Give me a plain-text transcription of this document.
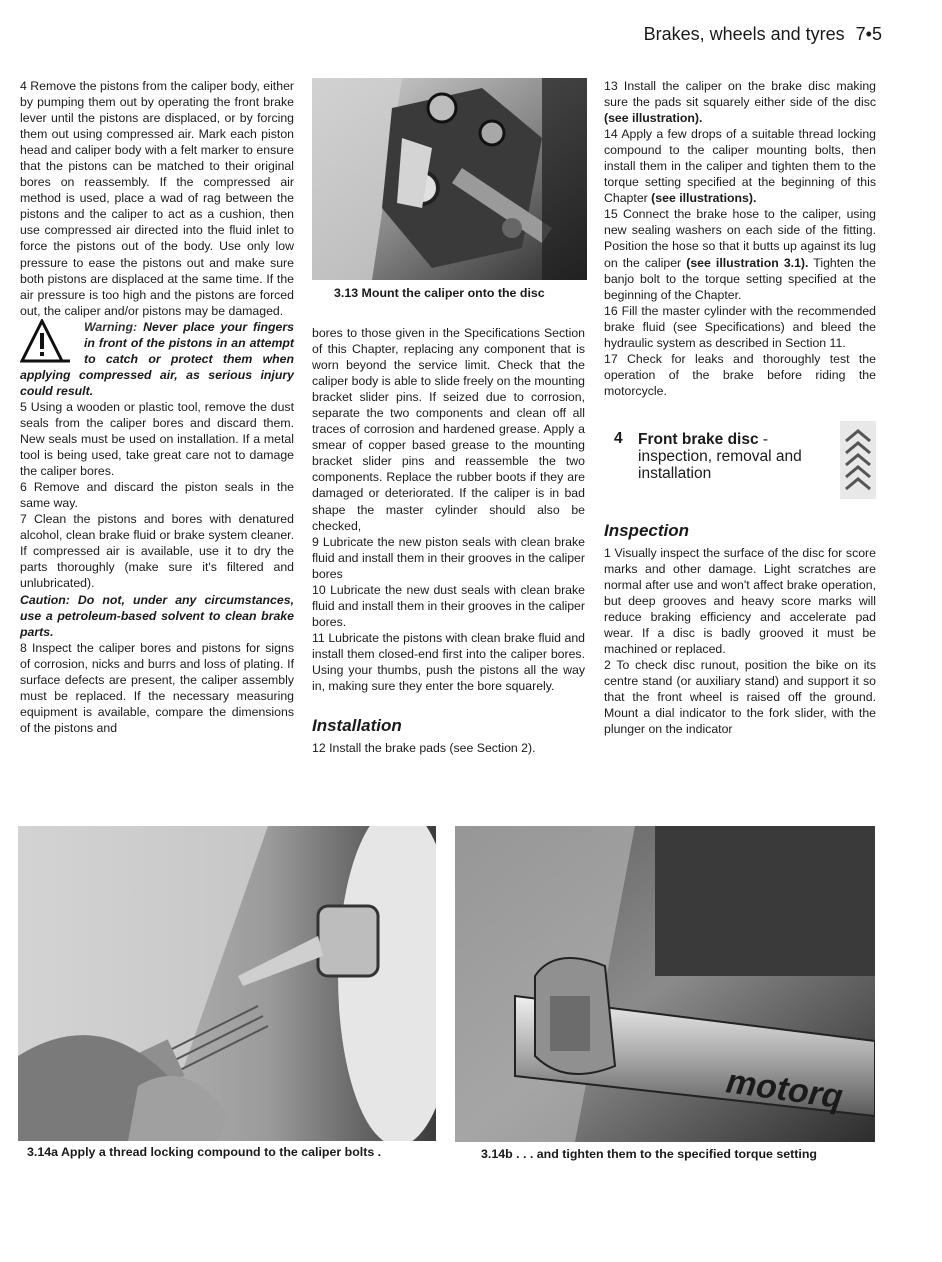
Brakes, wheels and tyres 7•5

4 Remove the pistons from the caliper body, either by pumping them out by operating the front brake lever until the pistons are displaced, or by forcing them out using compressed air. Mark each piston head and caliper body with a felt marker to ensure that the pistons can be matched to their original bores on reassembly. If the compressed air method is used, place a wad of rag between the pistons and the caliper to act as a cushion, then use compressed air directed into the fluid inlet to force the pistons out of the body. Use only low pressure to ease the pistons out and make sure both pistons are displaced at the same time. If the air pressure is too high and the pistons are forced out, the caliper and/or pistons may be damaged.

Warning: Never place your fingers in front of the pistons in an attempt to catch or protect them when applying compressed air, as serious injury could result.

5 Using a wooden or plastic tool, remove the dust seals from the caliper bores and discard them. New seals must be used on installation. If a metal tool is being used, take great care not to damage the caliper bores.

6 Remove and discard the piston seals in the same way.

7 Clean the pistons and bores with denatured alcohol, clean brake fluid or brake system cleaner. If compressed air is available, use it to dry the parts thoroughly (make sure it's filtered and unlubricated).

Caution: Do not, under any circumstances, use a petroleum-based solvent to clean brake parts.

8 Inspect the caliper bores and pistons for signs of corrosion, nicks and burrs and loss of plating. If surface defects are present, the caliper assembly must be replaced. If the necessary measuring equipment is available, compare the dimensions of the pistons and

3.13 Mount the caliper onto the disc

bores to those given in the Specifications Section of this Chapter, replacing any component that is worn beyond the service limit. Check that the caliper body is able to slide freely on the mounting bracket slider pins. If seized due to corrosion, separate the two components and clean off all traces of corrosion and hardened grease. Apply a smear of copper based grease to the mounting bracket slider pins and reassemble the two components. Replace the rubber boots if they are damaged or deteriorated. If the caliper is in bad shape the master cylinder should also be checked,

9 Lubricate the new piston seals with clean brake fluid and install them in their grooves in the caliper bores

10 Lubricate the new dust seals with clean brake fluid and install them in their grooves in the caliper bores.

11 Lubricate the pistons with clean brake fluid and install them closed-end first into the caliper bores. Using your thumbs, push the pistons all the way in, making sure they enter the bore squarely.

Installation

12 Install the brake pads (see Section 2).

13 Install the caliper on the brake disc making sure the pads sit squarely either side of the disc (see illustration).

14 Apply a few drops of a suitable thread locking compound to the caliper mounting bolts, then install them in the caliper and tighten them to the torque setting specified at the beginning of this Chapter (see illustrations).

15 Connect the brake hose to the caliper, using new sealing washers on each side of the fitting. Position the hose so that it butts up against its lug on the caliper (see illustration 3.1). Tighten the banjo bolt to the torque setting specified at the beginning of the Chapter.

16 Fill the master cylinder with the recommended brake fluid (see Specifications) and bleed the hydraulic system as described in Section 11.

17 Check for leaks and thoroughly test the operation of the brake before riding the motorcycle.

4 Front brake disc - inspection, removal and installation

Inspection

1 Visually inspect the surface of the disc for score marks and other damage. Light scratches are normal after use and won't affect brake operation, but deep grooves and heavy score marks will reduce braking efficiency and accelerate pad wear. If a disc is badly grooved it must be machined or replaced.

2 To check disc runout, position the bike on its centre stand (or auxiliary stand) and support it so that the front wheel is raised off the ground. Mount a dial indicator to the fork slider, with the plunger on the indicator

3.14a Apply a thread locking compound to the caliper bolts .
motorq
3.14b . . . and tighten them to the specified torque setting
